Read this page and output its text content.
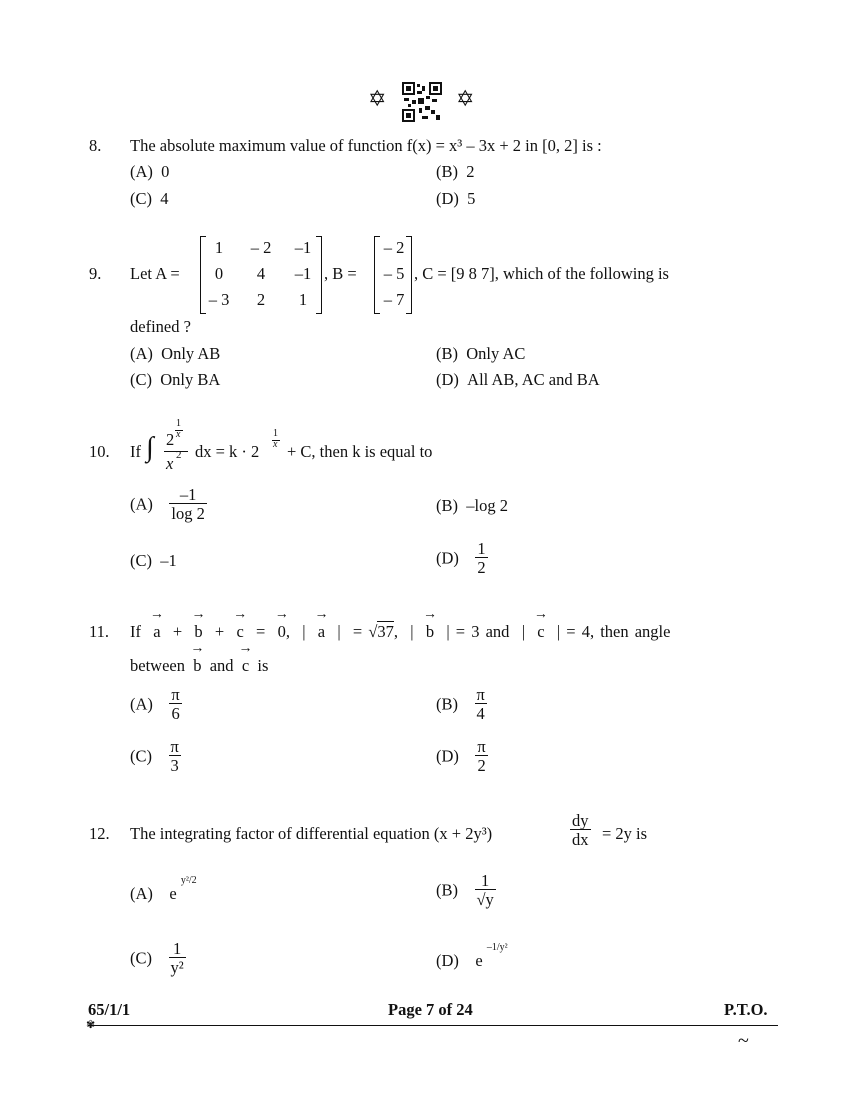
✡	✡
8. The absolute maximum value of function f(x) = x³ – 3x + 2 in [0, 2] is :
(A) 0	(B) 2
(C) 4	(D) 5
9. Let A =
1	– 2	–1
0	4	–1
– 3	2	1
, B =
– 2
– 5
– 7
, C = [9 8 7], which of the following is
defined ?
(A) Only AB	(B) Only AC
(C) Only BA	(D) All AB, AC and BA
10. If ∫
1
x
2
x 2 dx = k · 2
1
x + C, then k is equal to
$(A) \frac{-1}{\log 2}$	(B) –log 2
(C) –1	$(D) \frac{1}{2}$
11. If → a + → b + → c = → 0,  | → a | = √37,  | → b | = 3 and | → c | = 4, then angle
between → b and → c is
$(A) \frac{\pi}{6}$	$(B) \frac{\pi}{4}$
$(C) \frac{\pi}{3}$	$(D) \frac{\pi}{2}$
12. The integrating factor of differential equation (x + 2y³)	$\frac{dy}{dx} = 2y$ is
(A) e $^{y^2/2}$	$(B) \frac{1}{√y}$
$(C) \frac{1}{\text{y²}}$	(D) e $^{-1/y^2}$
65/1/1	Page 7 of 24	P.T.O.
✾
~
